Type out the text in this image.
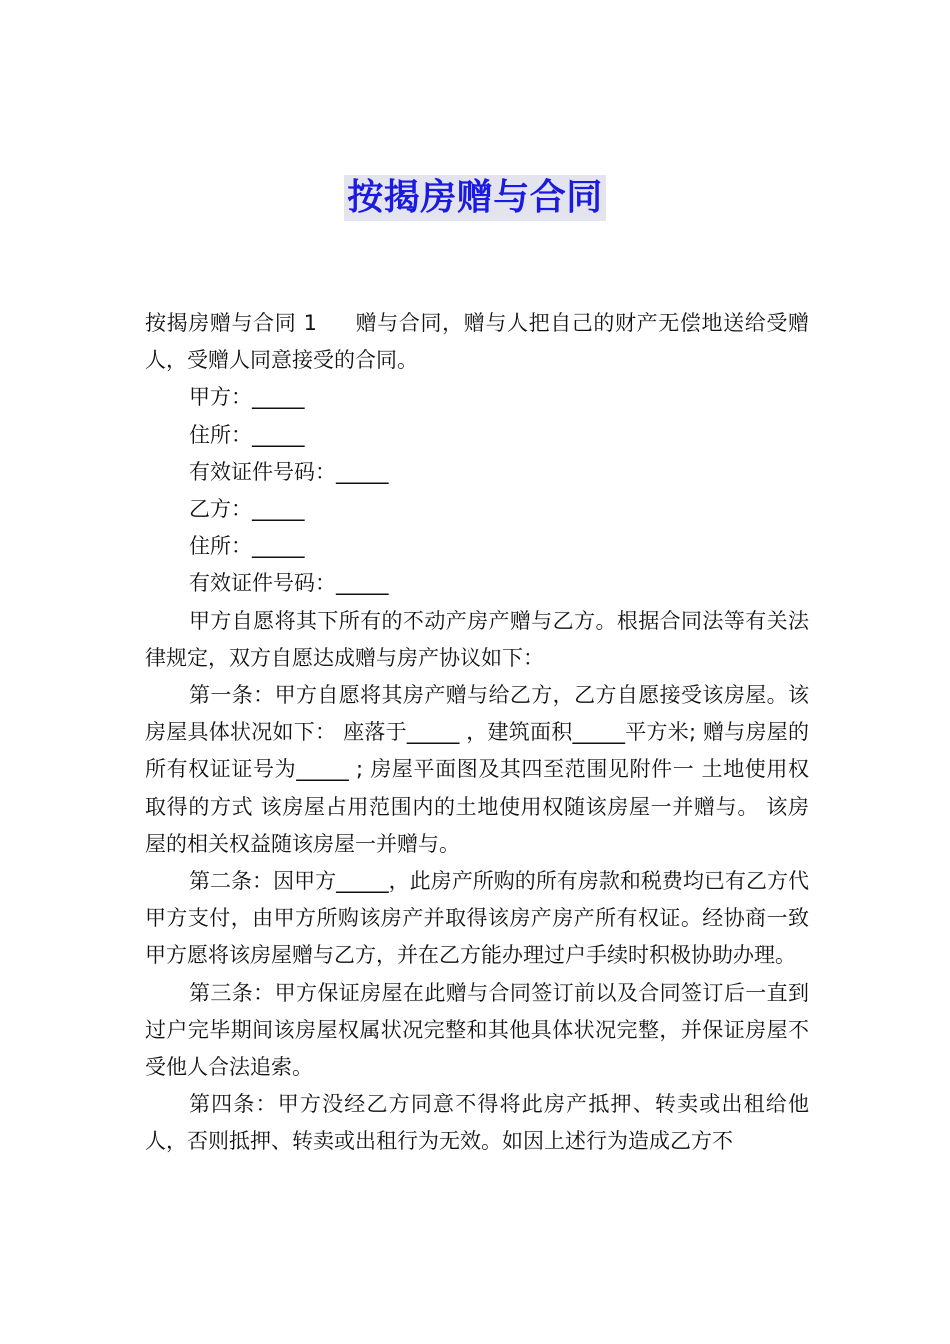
按揭房赠与合同

按揭房赠与合同 1 赠与合同，赠与人把自己的财产无偿地送给受赠人，受赠人同意接受的合同。

甲方：_____

住所：_____

有效证件号码：_____

乙方：_____

住所：_____

有效证件号码：_____

甲方自愿将其下所有的不动产房产赠与乙方。根据合同法等有关法律规定，双方自愿达成赠与房产协议如下：

第一条：甲方自愿将其房产赠与给乙方，乙方自愿接受该房屋。该房屋具体状况如下： 座落于_____ ，建筑面积_____平方米; 赠与房屋的所有权证证号为_____ ; 房屋平面图及其四至范围见附件一 土地使用权取得的方式 该房屋占用范围内的土地使用权随该房屋一并赠与。 该房屋的相关权益随该房屋一并赠与。

第二条：因甲方_____，此房产所购的所有房款和税费均已有乙方代甲方支付，由甲方所购该房产并取得该房产房产所有权证。经协商一致甲方愿将该房屋赠与乙方，并在乙方能办理过户手续时积极协助办理。

第三条：甲方保证房屋在此赠与合同签订前以及合同签订后一直到过户完毕期间该房屋权属状况完整和其他具体状况完整，并保证房屋不受他人合法追索。

第四条：甲方没经乙方同意不得将此房产抵押、转卖或出租给他人，否则抵押、转卖或出租行为无效。如因上述行为造成乙方不
